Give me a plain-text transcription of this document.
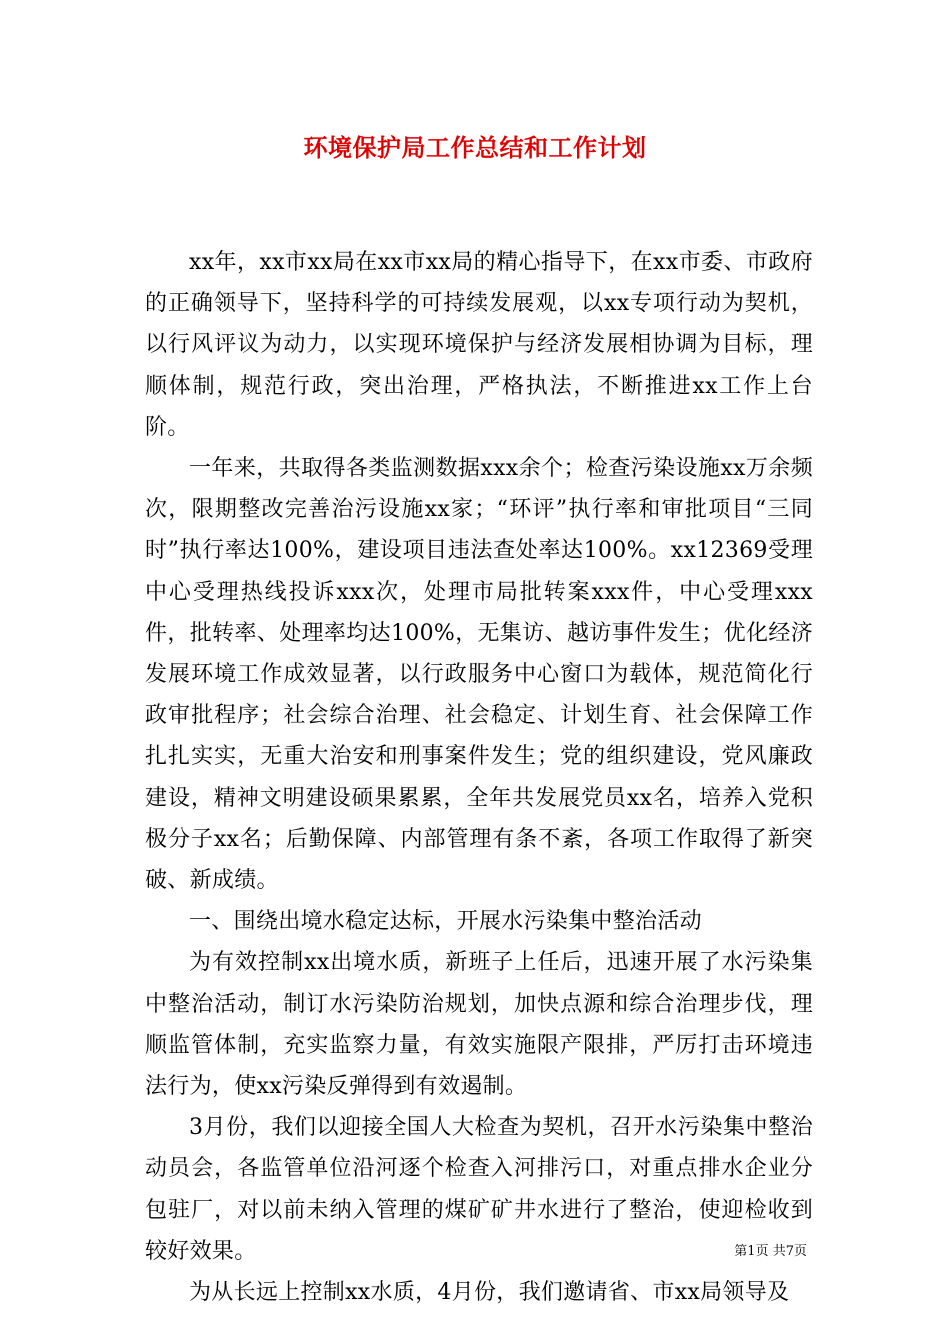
环境保护局工作总结和工作计划

xx年，xx市xx局在xx市xx局的精心指导下，在xx市委、市政府的正确领导下，坚持科学的可持续发展观，以xx专项行动为契机，以行风评议为动力，以实现环境保护与经济发展相协调为目标，理顺体制，规范行政，突出治理，严格执法，不断推进xx工作上台阶。

一年来，共取得各类监测数据xxx余个；检查污染设施xx万余频次，限期整改完善治污设施xx家；“环评”执行率和审批项目“三同时”执行率达100%，建设项目违法查处率达100%。xx12369受理中心受理热线投诉xxx次，处理市局批转案xxx件，中心受理xxx件，批转率、处理率均达100%，无集访、越访事件发生；优化经济发展环境工作成效显著，以行政服务中心窗口为载体，规范简化行政审批程序；社会综合治理、社会稳定、计划生育、社会保障工作扎扎实实，无重大治安和刑事案件发生；党的组织建设，党风廉政建设，精神文明建设硕果累累，全年共发展党员xx名，培养入党积极分子xx名；后勤保障、内部管理有条不紊，各项工作取得了新突破、新成绩。

一、围绕出境水稳定达标，开展水污染集中整治活动

为有效控制xx出境水质，新班子上任后，迅速开展了水污染集中整治活动，制订水污染防治规划，加快点源和综合治理步伐，理顺监管体制，充实监察力量，有效实施限产限排，严厉打击环境违法行为，使xx污染反弹得到有效遏制。

3月份，我们以迎接全国人大检查为契机，召开水污染集中整治动员会，各监管单位沿河逐个检查入河排污口，对重点排水企业分包驻厂，对以前未纳入管理的煤矿矿井水进行了整治，使迎检收到较好效果。

为从长远上控制xx水质，4月份，我们邀请省、市xx局领导及

第1页 共7页
